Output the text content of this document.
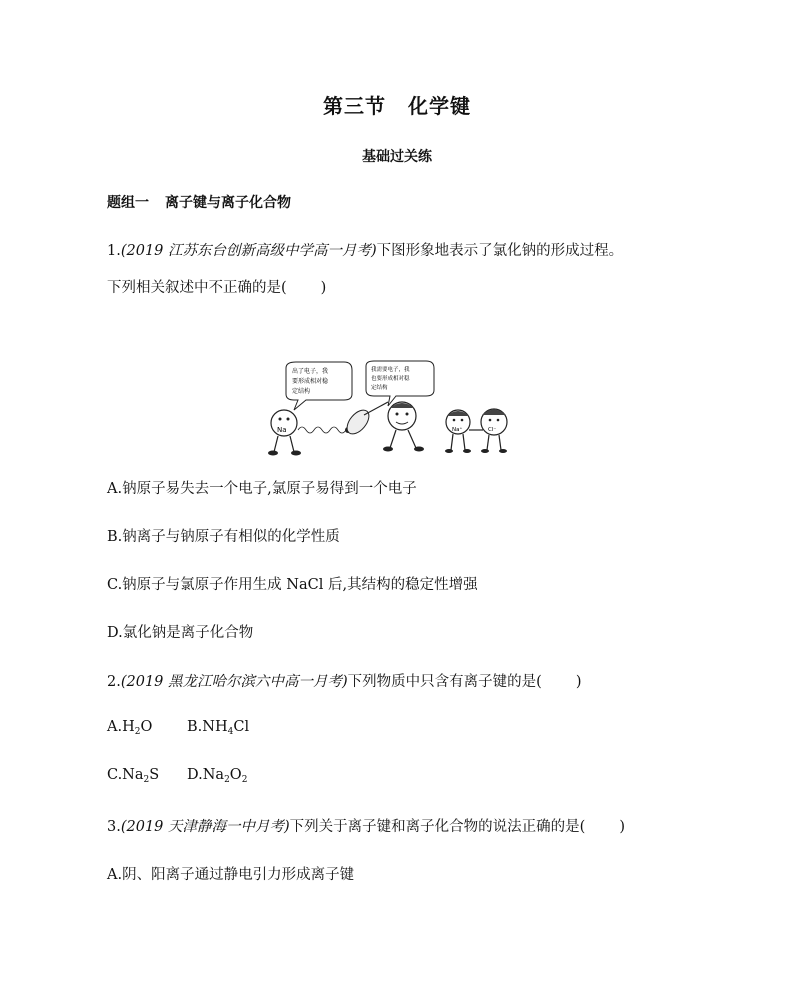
第三节 化学键
基础过关练
题组一 离子键与离子化合物
1.(2019 江苏东台创新高级中学高一月考)下图形象地表示了氯化钠的形成过程。
下列相关叙述中不正确的是( )
出了电子，我
要形成相对稳
定结构
我需要电子，我
也要形成相对稳
定结构
Na	Na⁺	Cl⁻
A.钠原子易失去一个电子,氯原子易得到一个电子
B.钠离子与钠原子有相似的化学性质
C.钠原子与氯原子作用生成 NaCl 后,其结构的稳定性增强
D.氯化钠是离子化合物
2.(2019 黑龙江哈尔滨六中高一月考)下列物质中只含有离子键的是( )
$A.H_2O$ $B.NH_4Cl$
$C.Na_2S$ $D.Na_2O_2$
3.(2019 天津静海一中月考)下列关于离子键和离子化合物的说法正确的是( )
A.阴、阳离子通过静电引力形成离子键
